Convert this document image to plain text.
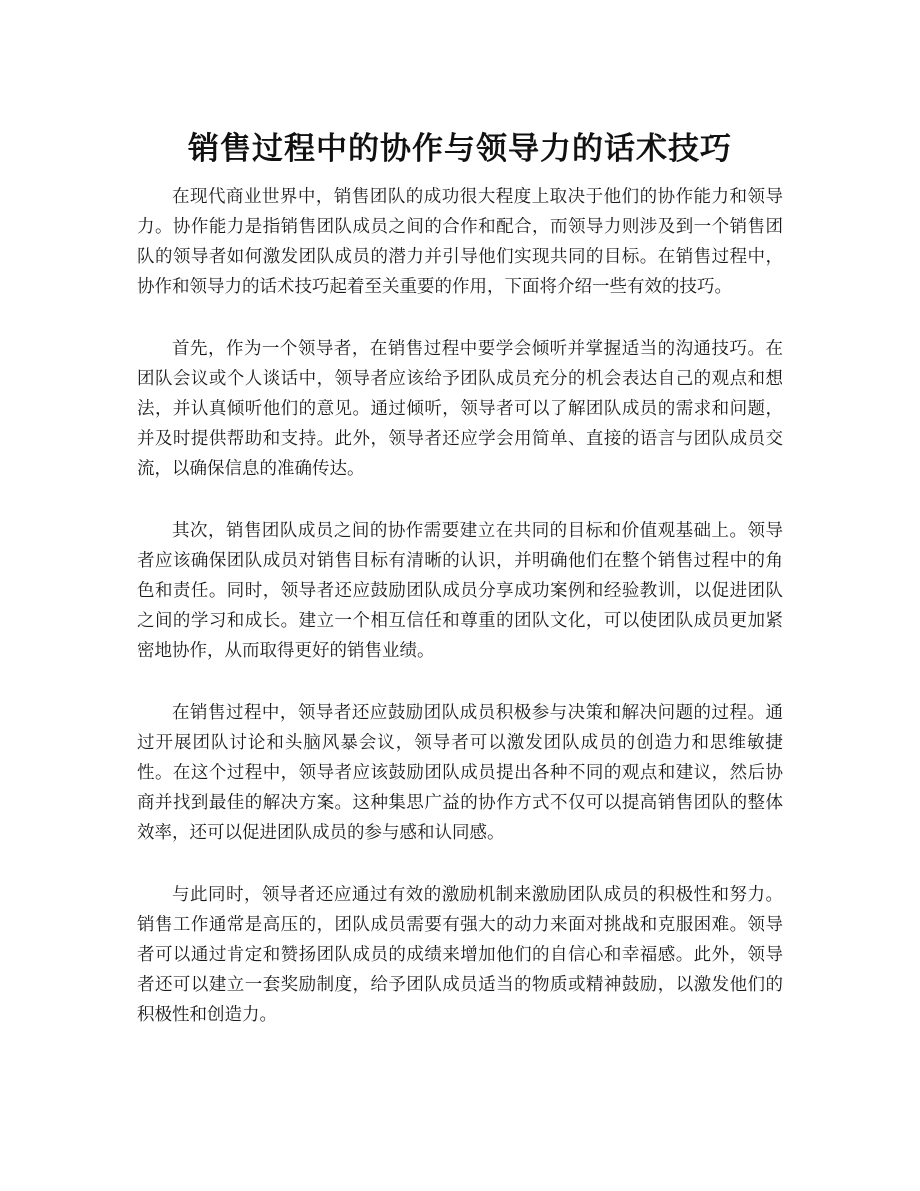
销售过程中的协作与领导力的话术技巧

在现代商业世界中，销售团队的成功很大程度上取决于他们的协作能力和领导力。协作能力是指销售团队成员之间的合作和配合，而领导力则涉及到一个销售团队的领导者如何激发团队成员的潜力并引导他们实现共同的目标。在销售过程中，协作和领导力的话术技巧起着至关重要的作用，下面将介绍一些有效的技巧。

首先，作为一个领导者，在销售过程中要学会倾听并掌握适当的沟通技巧。在团队会议或个人谈话中，领导者应该给予团队成员充分的机会表达自己的观点和想法，并认真倾听他们的意见。通过倾听，领导者可以了解团队成员的需求和问题，并及时提供帮助和支持。此外，领导者还应学会用简单、直接的语言与团队成员交流，以确保信息的准确传达。

其次，销售团队成员之间的协作需要建立在共同的目标和价值观基础上。领导者应该确保团队成员对销售目标有清晰的认识，并明确他们在整个销售过程中的角色和责任。同时，领导者还应鼓励团队成员分享成功案例和经验教训，以促进团队之间的学习和成长。建立一个相互信任和尊重的团队文化，可以使团队成员更加紧密地协作，从而取得更好的销售业绩。

在销售过程中，领导者还应鼓励团队成员积极参与决策和解决问题的过程。通过开展团队讨论和头脑风暴会议，领导者可以激发团队成员的创造力和思维敏捷性。在这个过程中，领导者应该鼓励团队成员提出各种不同的观点和建议，然后协商并找到最佳的解决方案。这种集思广益的协作方式不仅可以提高销售团队的整体效率，还可以促进团队成员的参与感和认同感。

与此同时，领导者还应通过有效的激励机制来激励团队成员的积极性和努力。销售工作通常是高压的，团队成员需要有强大的动力来面对挑战和克服困难。领导者可以通过肯定和赞扬团队成员的成绩来增加他们的自信心和幸福感。此外，领导者还可以建立一套奖励制度，给予团队成员适当的物质或精神鼓励，以激发他们的积极性和创造力。
